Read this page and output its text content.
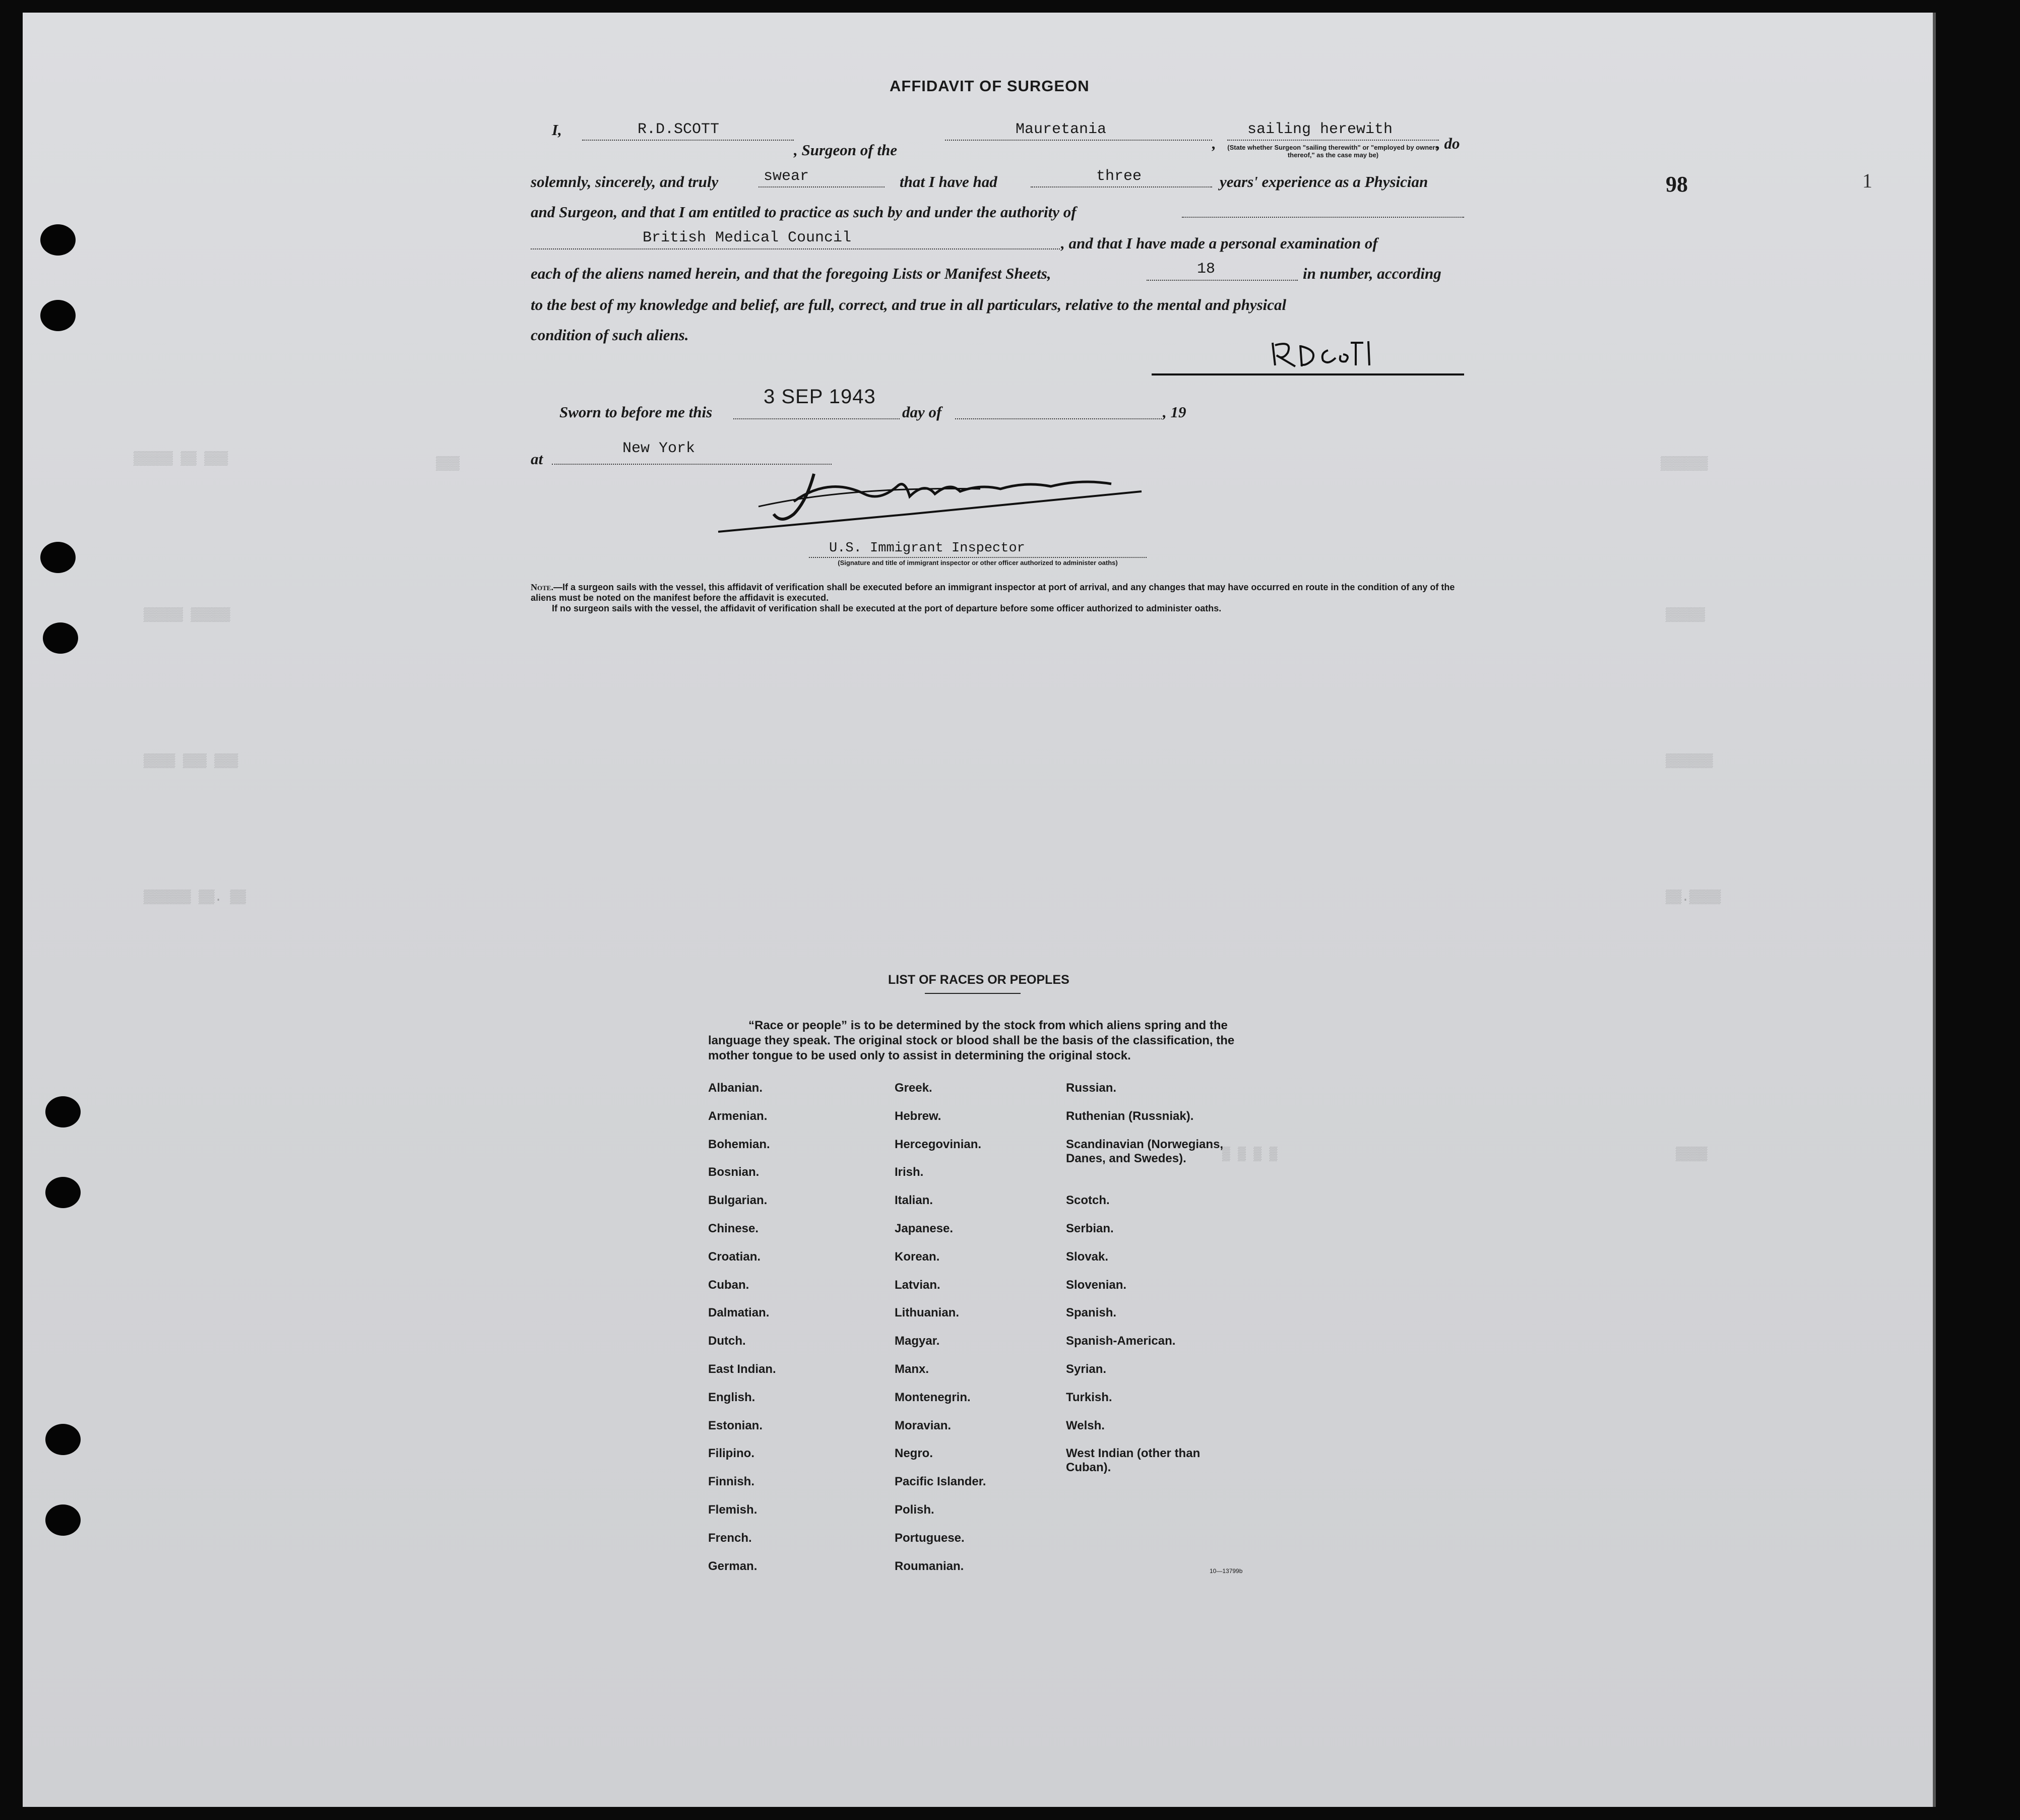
▒▒▒▒▒ ▒▒ ▒▒▒	▒▒▒	▒▒▒▒▒▒
▒▒▒▒▒ ▒▒▒▒▒	▒▒▒▒▒
▒▒▒▒ ▒▒▒ ▒▒▒	▒▒▒▒▒▒
▒▒▒▒▒▒ ▒▒. ▒▒	▒▒.▒▒▒▒
▒ ▒ ▒ ▒	▒▒▒▒
98	1
AFFIDAVIT OF SURGEON
I,	R.D.SCOTT
, Surgeon of the
Mauretania
,
sailing herewith
, do
(State whether Surgeon "sailing therewith" or "employed by owners thereof," as the case may be)
solemnly, sincerely, and truly	swear	that I have had	three	years' experience as a Physician
and Surgeon, and that I am entitled to practice as such by and under the authority of
British Medical Council	, and that I have made a personal examination of
each of the aliens named herein, and that the foregoing Lists or Manifest Sheets,	18	in number, according
to the best of my knowledge and belief, are full, correct, and true in all particulars, relative to the mental and physical
condition of such aliens.
Sworn to before me this
3 SEP 1943
day of	, 19
at
New York
U.S. Immigrant Inspector
(Signature and title of immigrant inspector or other officer authorized to administer oaths)
Note.—If a surgeon sails with the vessel, this affidavit of verification shall be executed before an immigrant inspector at port of arrival, and any changes that may have occurred en route in the condition of any of the aliens must be noted on the manifest before the affidavit is executed.
If no surgeon sails with the vessel, the affidavit of verification shall be executed at the port of departure before some officer authorized to administer oaths.
LIST OF RACES OR PEOPLES
“Race or people” is to be determined by the stock from which aliens spring and the language they speak. The original stock or blood shall be the basis of the classification, the mother tongue to be used only to assist in determining the original stock.
Albanian.
Armenian.
Bohemian.
Bosnian.
Bulgarian.
Chinese.
Croatian.
Cuban.
Dalmatian.
Dutch.
East Indian.
English.
Estonian.
Filipino.
Finnish.
Flemish.
French.
German.
Greek.
Hebrew.
Hercegovinian.
Irish.
Italian.
Japanese.
Korean.
Latvian.
Lithuanian.
Magyar.
Manx.
Montenegrin.
Moravian.
Negro.
Pacific Islander.
Polish.
Portuguese.
Roumanian.
Russian.
Ruthenian (Russniak).
Scandinavian (Norwegians, Danes, and Swedes).
Scotch.
Serbian.
Slovak.
Slovenian.
Spanish.
Spanish-American.
Syrian.
Turkish.
Welsh.
West Indian (other than Cuban).
10—13799b
